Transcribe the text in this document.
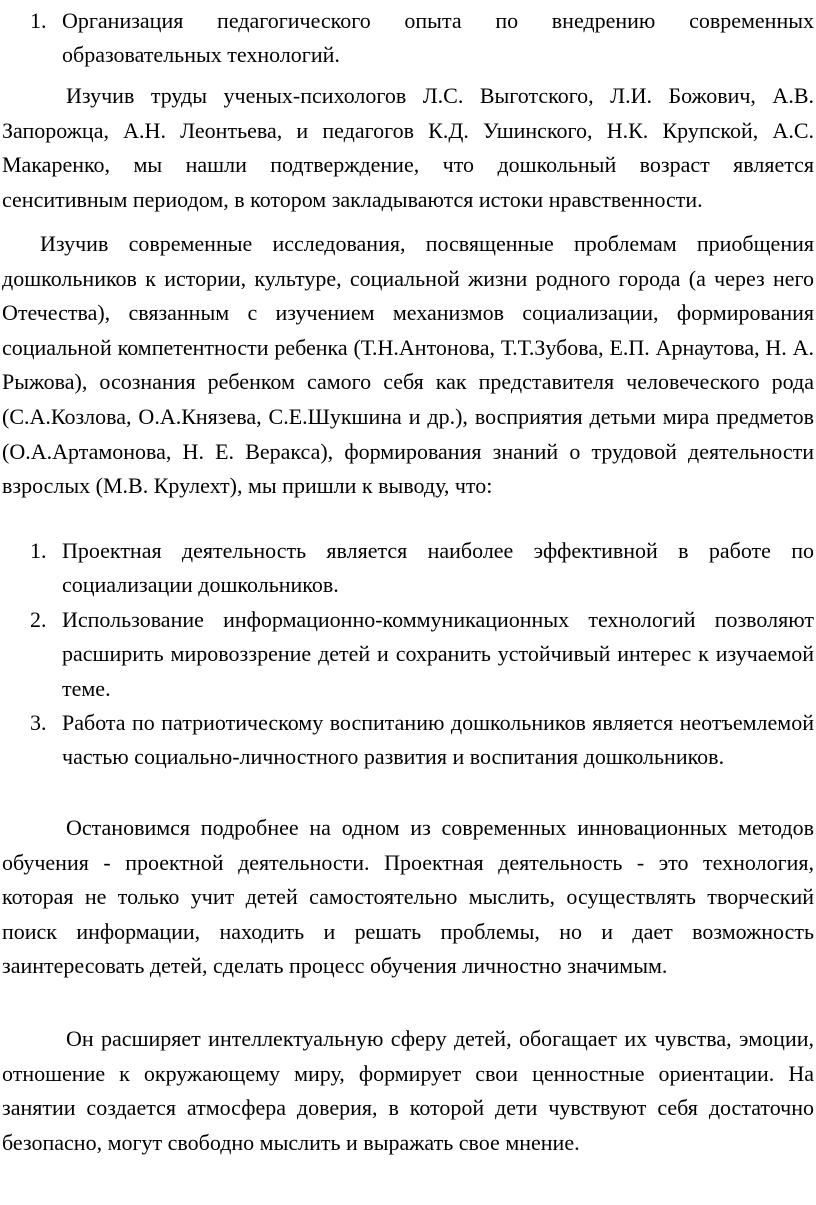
1. Организация педагогического опыта по внедрению современных образовательных технологий.

Изучив труды ученых-психологов Л.С. Выготского, Л.И. Божович, А.В. Запорожца, А.Н. Леонтьева, и педагогов К.Д. Ушинского, Н.К. Крупской, А.С. Макаренко, мы нашли подтверждение, что дошкольный возраст является сенситивным периодом, в котором закладываются истоки нравственности.

Изучив современные исследования, посвященные проблемам приобщения дошкольников к истории, культуре, социальной жизни родного города (а через него Отечества), связанным с изучением механизмов социализации, формирования социальной компетентности ребенка (Т.Н.Антонова, Т.Т.Зубова, Е.П. Арнаутова, Н. А. Рыжова), осознания ребенком самого себя как представителя человеческого рода (С.А.Козлова, О.А.Князева, С.Е.Шукшина и др.), восприятия детьми мира предметов (О.А.Артамонова, Н. Е. Веракса), формирования знаний о трудовой деятельности взрослых (М.В. Крулехт), мы пришли к выводу, что:

1. Проектная деятельность является наиболее эффективной в работе по социализации дошкольников.
2. Использование информационно-коммуникационных технологий позволяют расширить мировоззрение детей и сохранить устойчивый интерес к изучаемой теме.
3. Работа по патриотическому воспитанию дошкольников является неотъемлемой частью социально-личностного развития и воспитания дошкольников.

Остановимся подробнее на одном из современных инновационных методов обучения - проектной деятельности. Проектная деятельность - это технология, которая не только учит детей самостоятельно мыслить, осуществлять творческий поиск информации, находить и решать проблемы, но и дает возможность заинтересовать детей, сделать процесс обучения личностно значимым.

Он расширяет интеллектуальную сферу детей, обогащает их чувства, эмоции, отношение к окружающему миру, формирует свои ценностные ориентации. На занятии создается атмосфера доверия, в которой дети чувствуют себя достаточно безопасно, могут свободно мыслить и выражать свое мнение.
